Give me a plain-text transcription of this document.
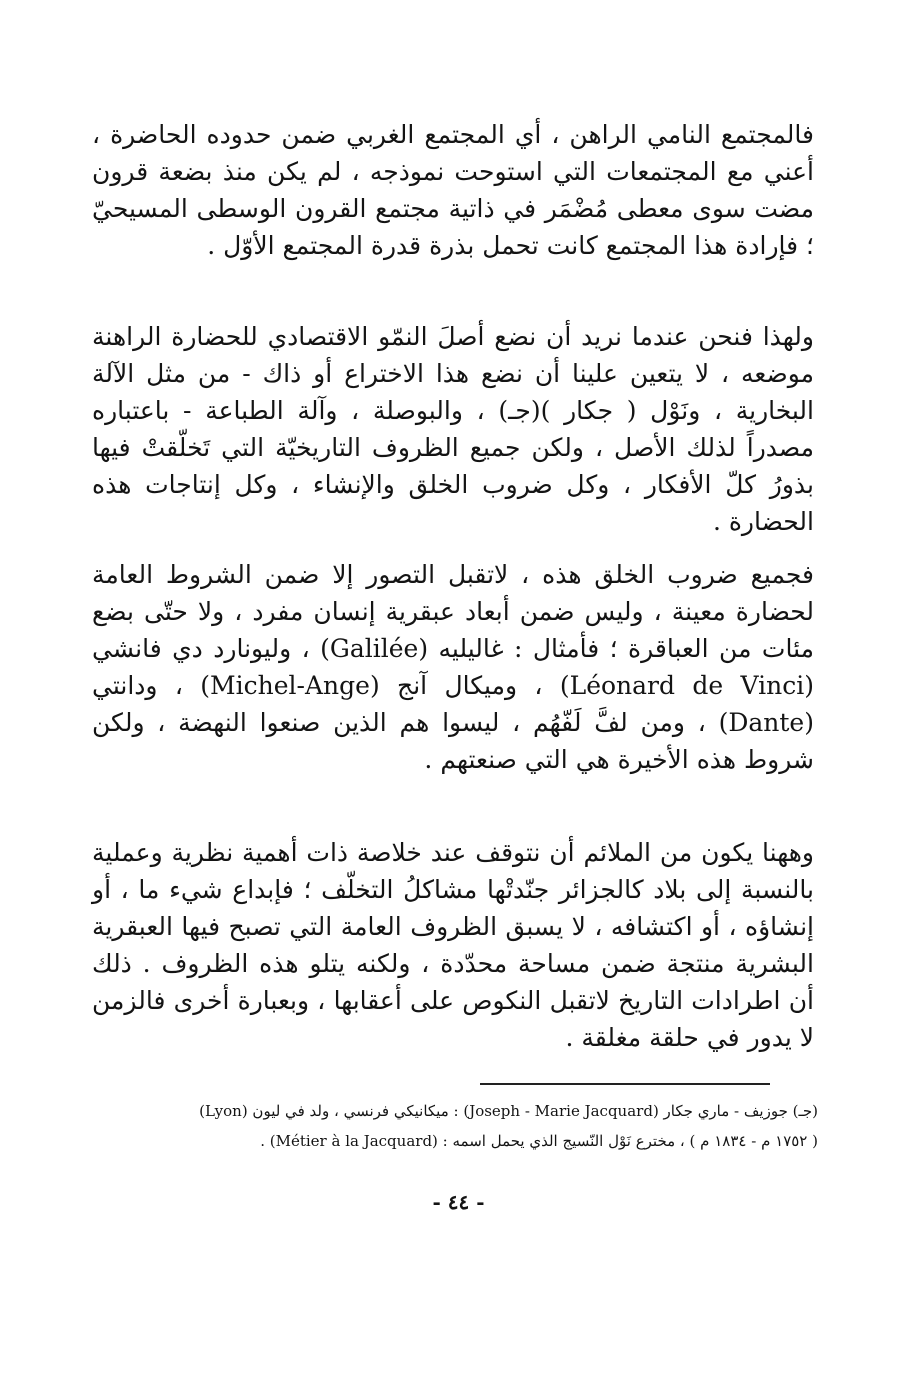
فالمجتمع النامي الراهن ، أي المجتمع الغربي ضمن حدوده الحاضرة ، أعني مع المجتمعات التي استوحت نموذجه ، لم يكن منذ بضعة قرون مضت سوى معطى مُضْمَر في ذاتية مجتمع القرون الوسطى المسيحيّ ؛ فإرادة هذا المجتمع كانت تحمل بذرة قدرة المجتمع الأوّل .

ولهذا فنحن عندما نريد أن نضع أصلَ النمّو الاقتصادي للحضارة الراهنة موضعه ، لا يتعين علينا أن نضع هذا الاختراع أو ذاك - من مثل الآلة البخارية ، ونَوْل ( جكار )(جـ) ، والبوصلة ، وآلة الطباعة - باعتباره مصدراً لذلك الأصل ، ولكن جميع الظروف التاريخيّة التي تَخلّقتْ فيها بذورُ كلّ الأفكار ، وكل ضروب الخلق والإنشاء ، وكل إنتاجات هذه الحضارة .

فجميع ضروب الخلق هذه ، لاتقبل التصور إلا ضمن الشروط العامة لحضارة معينة ، وليس ضمن أبعاد عبقرية إنسان مفرد ، ولا حتّى بضع مئات من العباقرة ؛ فأمثال : غاليليه (Galilée) ، وليونارد دي فانشي (Léonard de Vinci) ، وميكال آنج (Michel-Ange) ، ودانتي (Dante) ، ومن لفَّ لَفّهُم ، ليسوا هم الذين صنعوا النهضة ، ولكن شروط هذه الأخيرة هي التي صنعتهم .

وههنا يكون من الملائم أن نتوقف عند خلاصة ذات أهمية نظرية وعملية بالنسبة إلى بلاد كالجزائر جنّدتْها مشاكلُ التخلّف ؛ فإبداع شيء ما ، أو إنشاؤه ، أو اكتشافه ، لا يسبق الظروف العامة التي تصبح فيها العبقرية البشرية منتجة ضمن مساحة محدّدة ، ولكنه يتلو هذه الظروف . ذلك أن اطرادات التاريخ لاتقبل النكوص على أعقابها ، وبعبارة أخرى فالزمن لا يدور في حلقة مغلقة .

(جـ) جوزيف - ماري جكار (Joseph - Marie Jacquard) : ميكانيكي فرنسي ، ولد في ليون (Lyon)
( ١٧٥٢ م - ١٨٣٤ م ) ، مخترع نَوْل النّسيج الذي يحمل اسمه : (Métier à la Jacquard) .
- ٤٤ -
